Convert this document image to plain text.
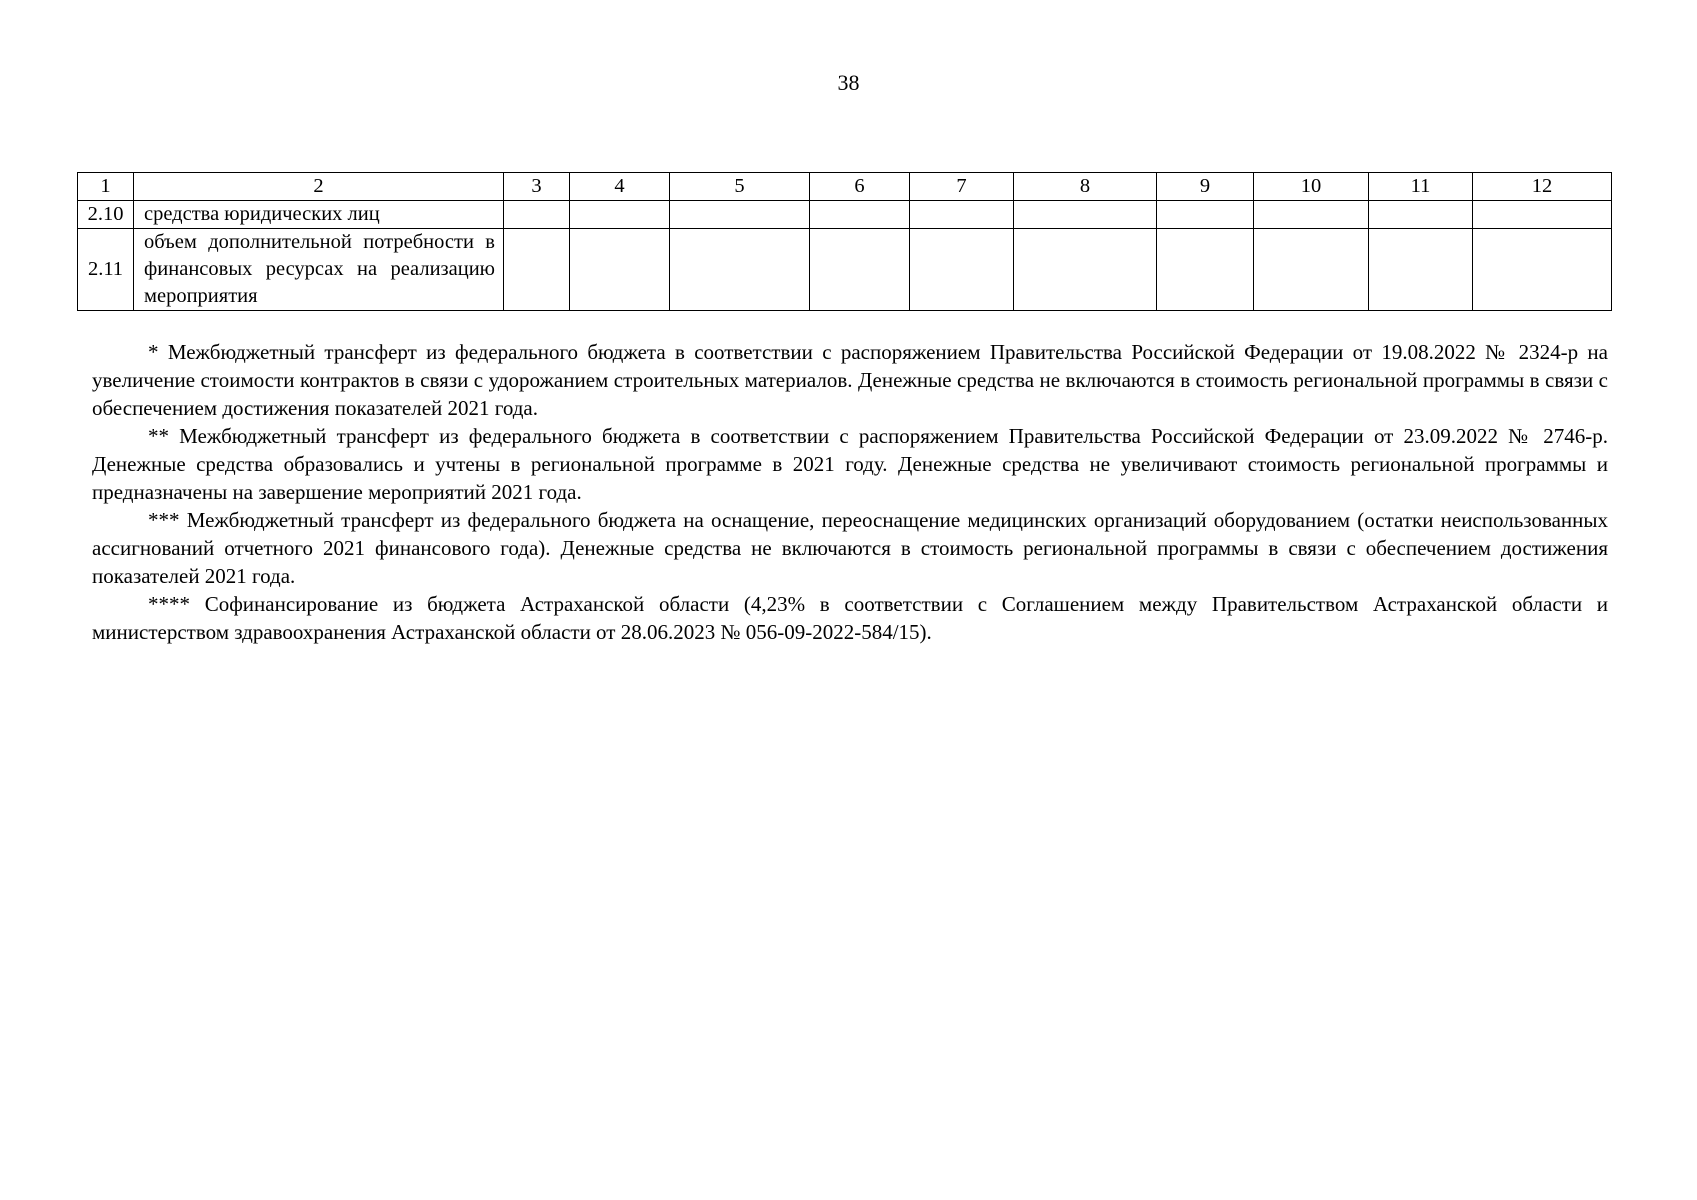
38
1	2	3	4	5	6	7	8	9	10	11	12
2.10	средства юридических лиц										
2.11	объем дополнительной потребности в финансовых ресурсах на реализацию мероприятия										

* Межбюджетный трансферт из федерального бюджета в соответствии с распоряжением Правительства Российской Федерации от 19.08.2022 № 2324-р на увеличение стоимости контрактов в связи с удорожанием строительных материалов. Денежные средства не включаются в стоимость региональной программы в связи с обеспечением достижения показателей 2021 года.

** Межбюджетный трансферт из федерального бюджета в соответствии с распоряжением Правительства Российской Федерации от 23.09.2022 № 2746-р. Денежные средства образовались и учтены в региональной программе в 2021 году. Денежные средства не увеличивают стоимость региональной программы и предназначены на завершение мероприятий 2021 года.

*** Межбюджетный трансферт из федерального бюджета на оснащение, переоснащение медицинских организаций оборудованием (остатки неиспользованных ассигнований отчетного 2021 финансового года). Денежные средства не включаются в стоимость региональной программы в связи с обеспечением достижения показателей 2021 года.

**** Софинансирование из бюджета Астраханской области (4,23% в соответствии с Соглашением между Правительством Астраханской области и министерством здравоохранения Астраханской области от 28.06.2023 № 056-09-2022-584/15).
